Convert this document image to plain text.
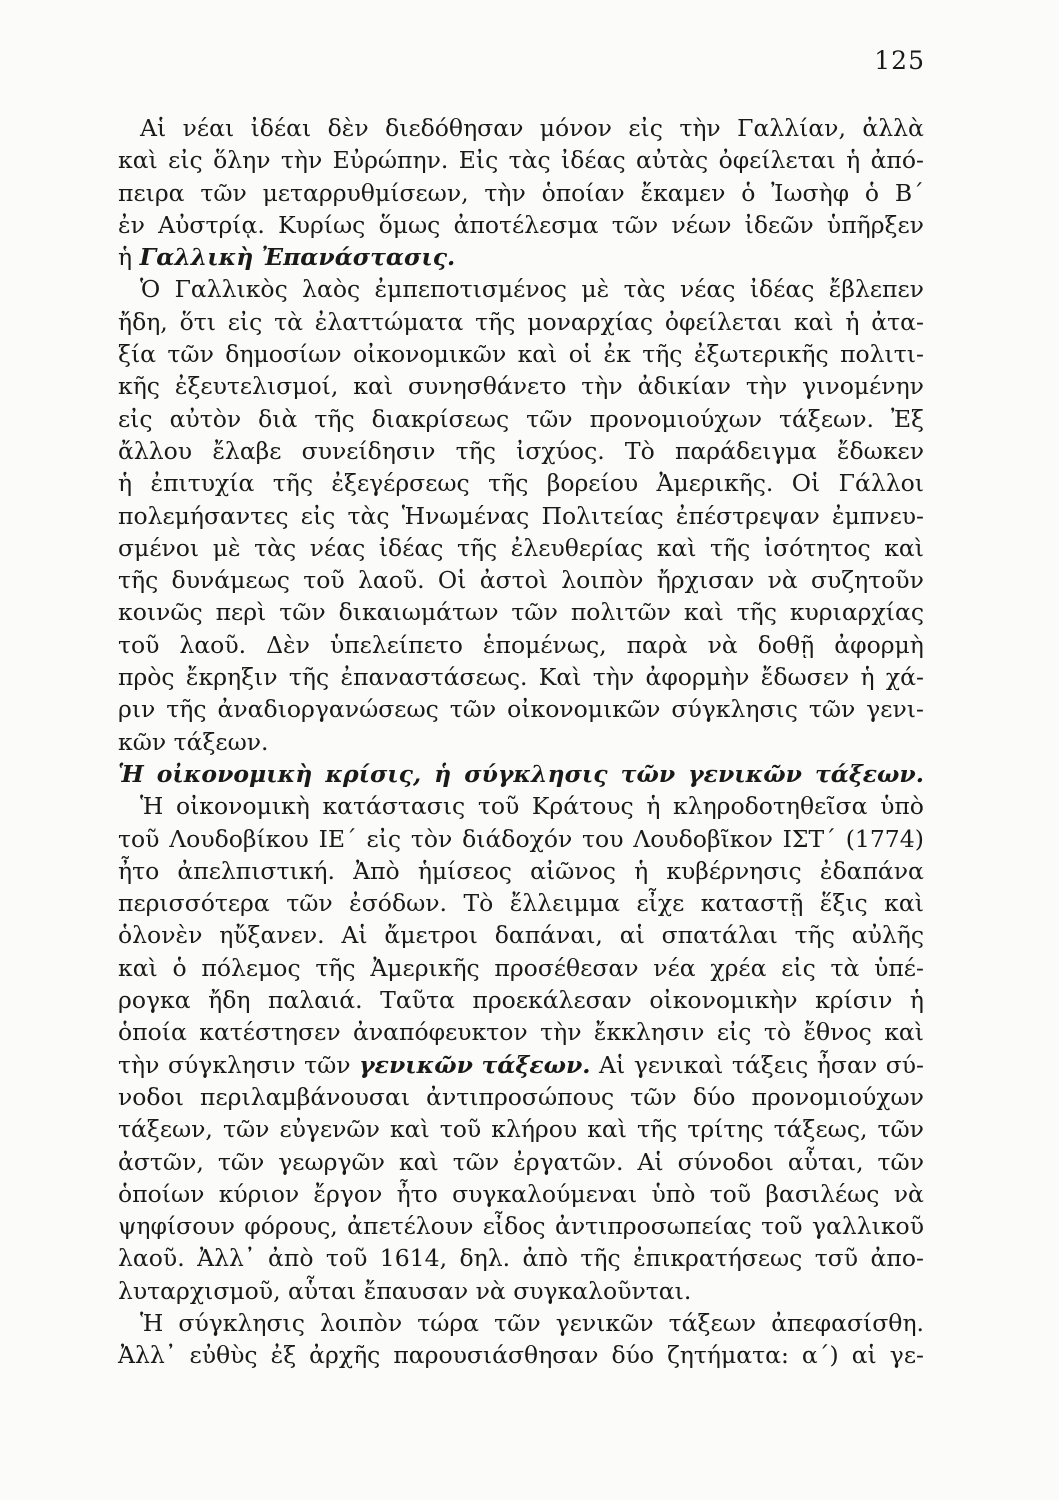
125
Αἱ νέαι ἰδέαι δὲν διεδόθησαν μόνον εἰς τὴν Γαλλίαν, ἀλλὰ
καὶ εἰς ὅλην τὴν Εὐρώπην. Εἰς τὰς ἰδέας αὐτὰς ὀφείλεται ἡ ἀπό-
πειρα τῶν μεταρρυθμίσεων, τὴν ὁποίαν ἔκαμεν ὁ Ἰωσὴφ ὁ Β΄
ἐν Αὐστρίᾳ. Κυρίως ὅμως ἀποτέλεσμα τῶν νέων ἰδεῶν ὑπῆρξεν
ἡ Γαλλικὴ Ἐπανάστασις.
Ὁ Γαλλικὸς λαὸς ἐμπεποτισμένος μὲ τὰς νέας ἰδέας ἔβλεπεν
ἤδη, ὅτι εἰς τὰ ἐλαττώματα τῆς μοναρχίας ὀφείλεται καὶ ἡ ἀτα-
ξία τῶν δημοσίων οἰκονομικῶν καὶ οἱ ἐκ τῆς ἐξωτερικῆς πολιτι-
κῆς ἐξευτελισμοί, καὶ συνησθάνετο τὴν ἀδικίαν τὴν γινομένην
εἰς αὐτὸν διὰ τῆς διακρίσεως τῶν προνομιούχων τάξεων. Ἐξ
ἄλλου ἔλαβε συνείδησιν τῆς ἰσχύος. Τὸ παράδειγμα ἔδωκεν
ἡ ἐπιτυχία τῆς ἐξεγέρσεως τῆς βορείου Ἀμερικῆς. Οἱ Γάλλοι
πολεμήσαντες εἰς τὰς Ἡνωμένας Πολιτείας ἐπέστρεψαν ἐμπνευ-
σμένοι μὲ τὰς νέας ἰδέας τῆς ἐλευθερίας καὶ τῆς ἰσότητος καὶ
τῆς δυνάμεως τοῦ λαοῦ. Οἱ ἀστοὶ λοιπὸν ἤρχισαν νὰ συζητοῦν
κοινῶς περὶ τῶν δικαιωμάτων τῶν πολιτῶν καὶ τῆς κυριαρχίας
τοῦ λαοῦ. Δὲν ὑπελείπετο ἑπομένως, παρὰ νὰ δοθῇ ἀφορμὴ
πρὸς ἔκρηξιν τῆς ἐπαναστάσεως. Καὶ τὴν ἀφορμὴν ἔδωσεν ἡ χά-
ριν τῆς ἀναδιοργανώσεως τῶν οἰκονομικῶν σύγκλησις τῶν γενι-
κῶν τάξεων.
Ἡ οἰκονομικὴ κρίσις, ἡ σύγκλησις τῶν γενικῶν τάξεων.
Ἡ οἰκονομικὴ κατάστασις τοῦ Κράτους ἡ κληροδοτηθεῖσα ὑπὸ
τοῦ Λουδοβίκου ΙΕ΄ εἰς τὸν διάδοχόν του Λουδοβῖκον ΙΣΤ΄ (1774)
ἦτο ἀπελπιστική. Ἀπὸ ἡμίσεος αἰῶνος ἡ κυβέρνησις ἐδαπάνα
περισσότερα τῶν ἐσόδων. Τὸ ἔλλειμμα εἶχε καταστῇ ἕξις καὶ
ὁλονὲν ηὔξανεν. Αἱ ἄμετροι δαπάναι, αἱ σπατάλαι τῆς αὐλῆς
καὶ ὁ πόλεμος τῆς Ἀμερικῆς προσέθεσαν νέα χρέα εἰς τὰ ὑπέ-
ρογκα ἤδη παλαιά. Ταῦτα προεκάλεσαν οἰκονομικὴν κρίσιν ἡ
ὁποία κατέστησεν ἀναπόφευκτον τὴν ἔκκλησιν εἰς τὸ ἔθνος καὶ
τὴν σύγκλησιν τῶν γενικῶν τάξεων. Αἱ γενικαὶ τάξεις ἦσαν σύ-
νοδοι περιλαμβάνουσαι ἀντιπροσώπους τῶν δύο προνομιούχων
τάξεων, τῶν εὐγενῶν καὶ τοῦ κλήρου καὶ τῆς τρίτης τάξεως, τῶν
ἀστῶν, τῶν γεωργῶν καὶ τῶν ἐργατῶν. Αἱ σύνοδοι αὗται, τῶν
ὁποίων κύριον ἔργον ἦτο συγκαλούμεναι ὑπὸ τοῦ βασιλέως νὰ
ψηφίσουν φόρους, ἀπετέλουν εἶδος ἀντιπροσωπείας τοῦ γαλλικοῦ
λαοῦ. Ἀλλ᾽ ἀπὸ τοῦ 1614, δηλ. ἀπὸ τῆς ἐπικρατήσεως τσῦ ἀπο-
λυταρχισμοῦ, αὗται ἔπαυσαν νὰ συγκαλοῦνται.
Ἡ σύγκλησις λοιπὸν τώρα τῶν γενικῶν τάξεων ἀπεφασίσθη.
Ἀλλ᾽ εὐθὺς ἐξ ἀρχῆς παρουσιάσθησαν δύο ζητήματα: α΄) αἱ γε-
